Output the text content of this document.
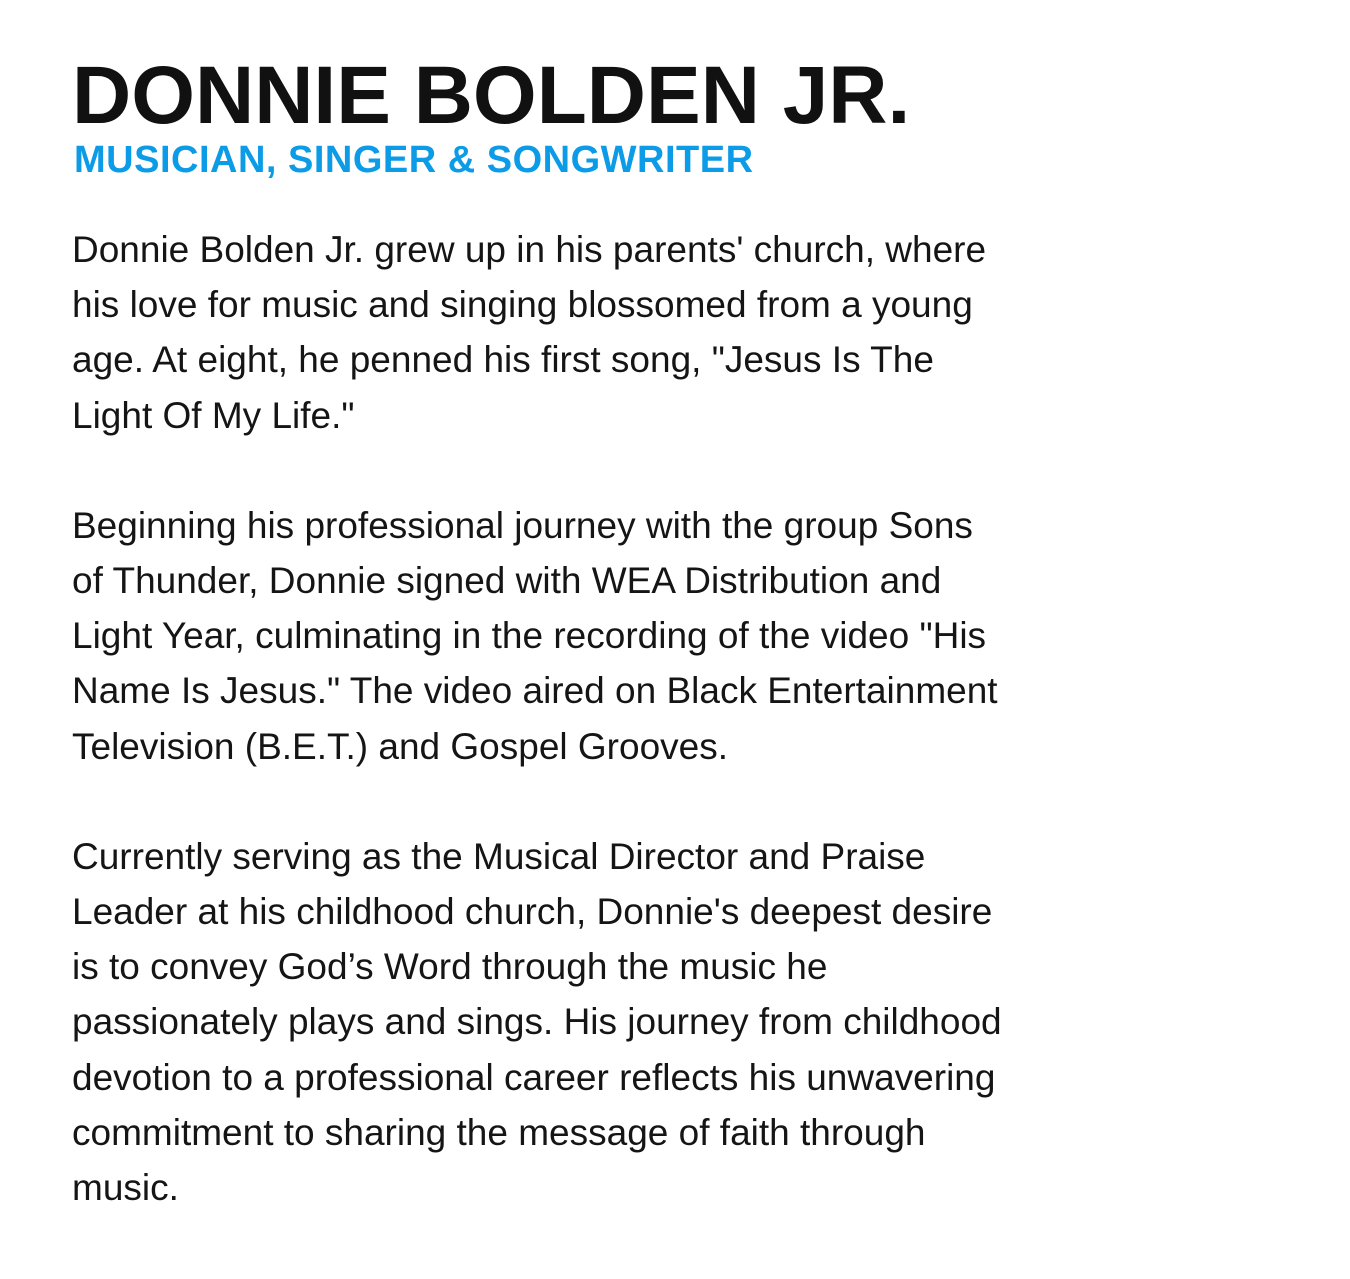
DONNIE BOLDEN JR.
MUSICIAN, SINGER & SONGWRITER

Donnie Bolden Jr. grew up in his parents' church, where
his love for music and singing blossomed from a young
age. At eight, he penned his first song, "Jesus Is The
Light Of My Life."

Beginning his professional journey with the group Sons
of Thunder, Donnie signed with WEA Distribution and
Light Year, culminating in the recording of the video "His
Name Is Jesus." The video aired on Black Entertainment
Television (B.E.T.) and Gospel Grooves.

Currently serving as the Musical Director and Praise
Leader at his childhood church, Donnie's deepest desire
is to convey God’s Word through the music he
passionately plays and sings. His journey from childhood
devotion to a professional career reflects his unwavering
commitment to sharing the message of faith through
music.
